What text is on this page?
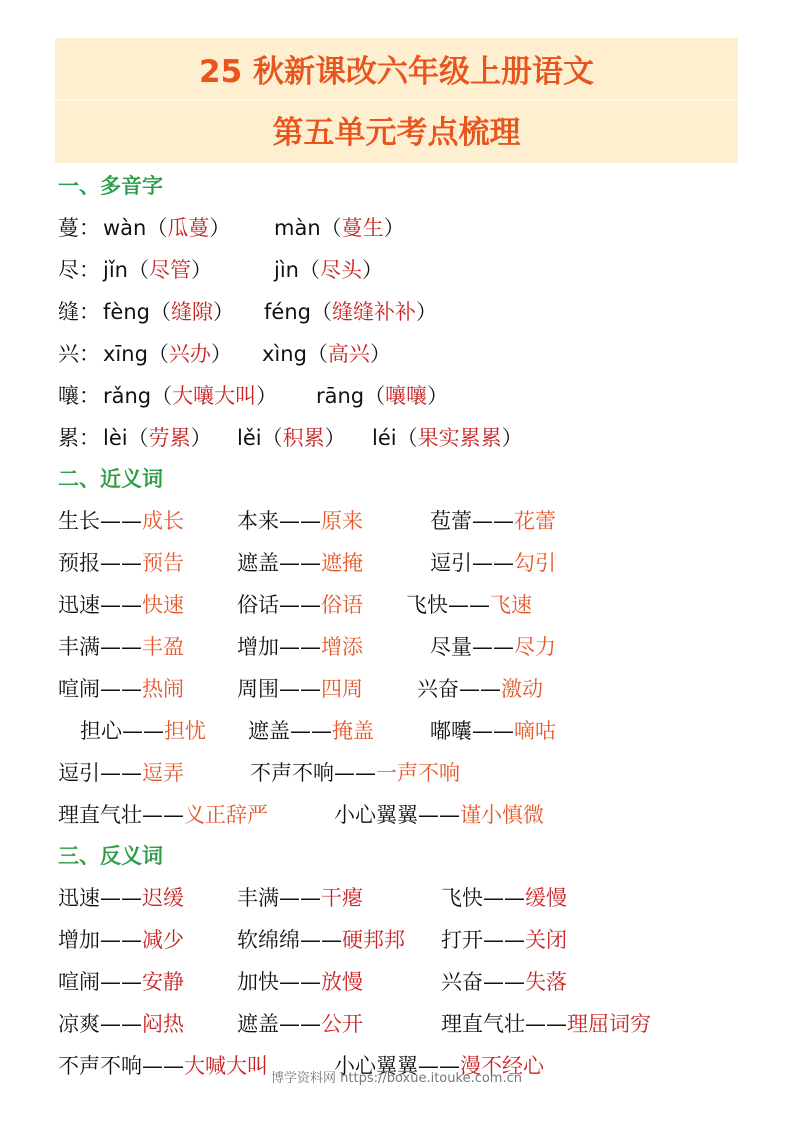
25 秋新课改六年级上册语文
第五单元考点梳理
一、多音字
蔓： wàn（瓜蔓） màn（蔓生）
尽： jǐn（尽管）	jìn（尽头）
缝： fèng（缝隙） féng（缝缝补补）
兴： xīng（兴办） xìng（高兴）
嚷： rǎng（大嚷大叫） rāng（嚷嚷）
累： lèi（劳累） lěi（积累） léi（果实累累）
二、近义词
生长——成长	本来——原来	苞蕾——花蕾
预报——预告	遮盖——遮掩	逗引——勾引
迅速——快速	俗话——俗语 飞快——飞速
丰满——丰盈	增加——增添	尽量——尽力
喧闹——热闹	周围——四周	兴奋——激动
担心——担忧 遮盖——掩盖	嘟囔——嘀咕
逗引——逗弄	不声不响——一声不响
理直气壮——义正辞严	小心翼翼——谨小慎微
三、反义词
迅速——迟缓	丰满——干瘪	飞快——缓慢
增加——减少	软绵绵——硬邦邦 打开——关闭
喧闹——安静	加快——放慢	兴奋——失落
凉爽——闷热	遮盖——公开	理直气壮——理屈词穷
不声不响——大喊大叫	小心翼翼——漫不经心
博学资料网 https://boxue.itouke.com.cn
